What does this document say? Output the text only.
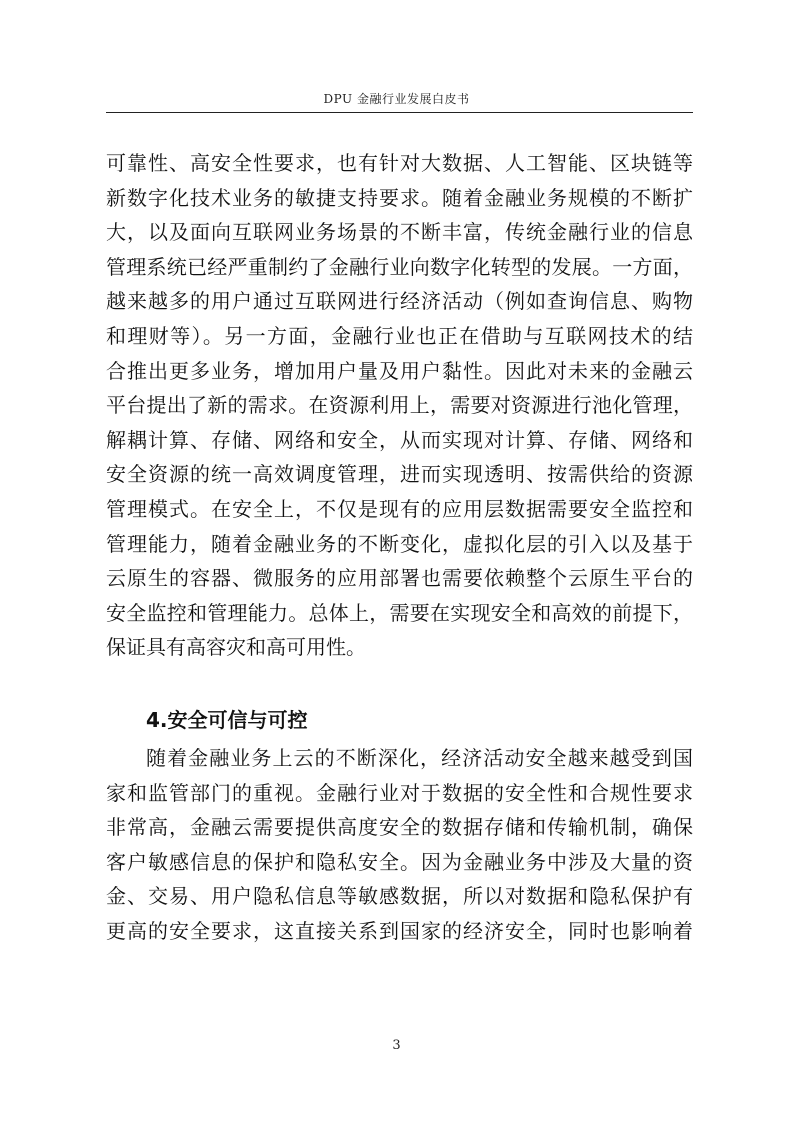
DPU 金融行业发展白皮书
可靠性、高安全性要求，也有针对大数据、人工智能、区块链等
新数字化技术业务的敏捷支持要求。随着金融业务规模的不断扩
大，以及面向互联网业务场景的不断丰富，传统金融行业的信息
管理系统已经严重制约了金融行业向数字化转型的发展。一方面，
越来越多的用户通过互联网进行经济活动（例如查询信息、购物
和理财等）。另一方面，金融行业也正在借助与互联网技术的结
合推出更多业务，增加用户量及用户黏性。因此对未来的金融云
平台提出了新的需求。在资源利用上，需要对资源进行池化管理，
解耦计算、存储、网络和安全，从而实现对计算、存储、网络和
安全资源的统一高效调度管理，进而实现透明、按需供给的资源
管理模式。在安全上，不仅是现有的应用层数据需要安全监控和
管理能力，随着金融业务的不断变化，虚拟化层的引入以及基于
云原生的容器、微服务的应用部署也需要依赖整个云原生平台的
安全监控和管理能力。总体上，需要在实现安全和高效的前提下，
保证具有高容灾和高可用性。
4.安全可信与可控
随着金融业务上云的不断深化，经济活动安全越来越受到国
家和监管部门的重视。金融行业对于数据的安全性和合规性要求
非常高，金融云需要提供高度安全的数据存储和传输机制，确保
客户敏感信息的保护和隐私安全。因为金融业务中涉及大量的资
金、交易、用户隐私信息等敏感数据，所以对数据和隐私保护有
更高的安全要求，这直接关系到国家的经济安全，同时也影响着
3
